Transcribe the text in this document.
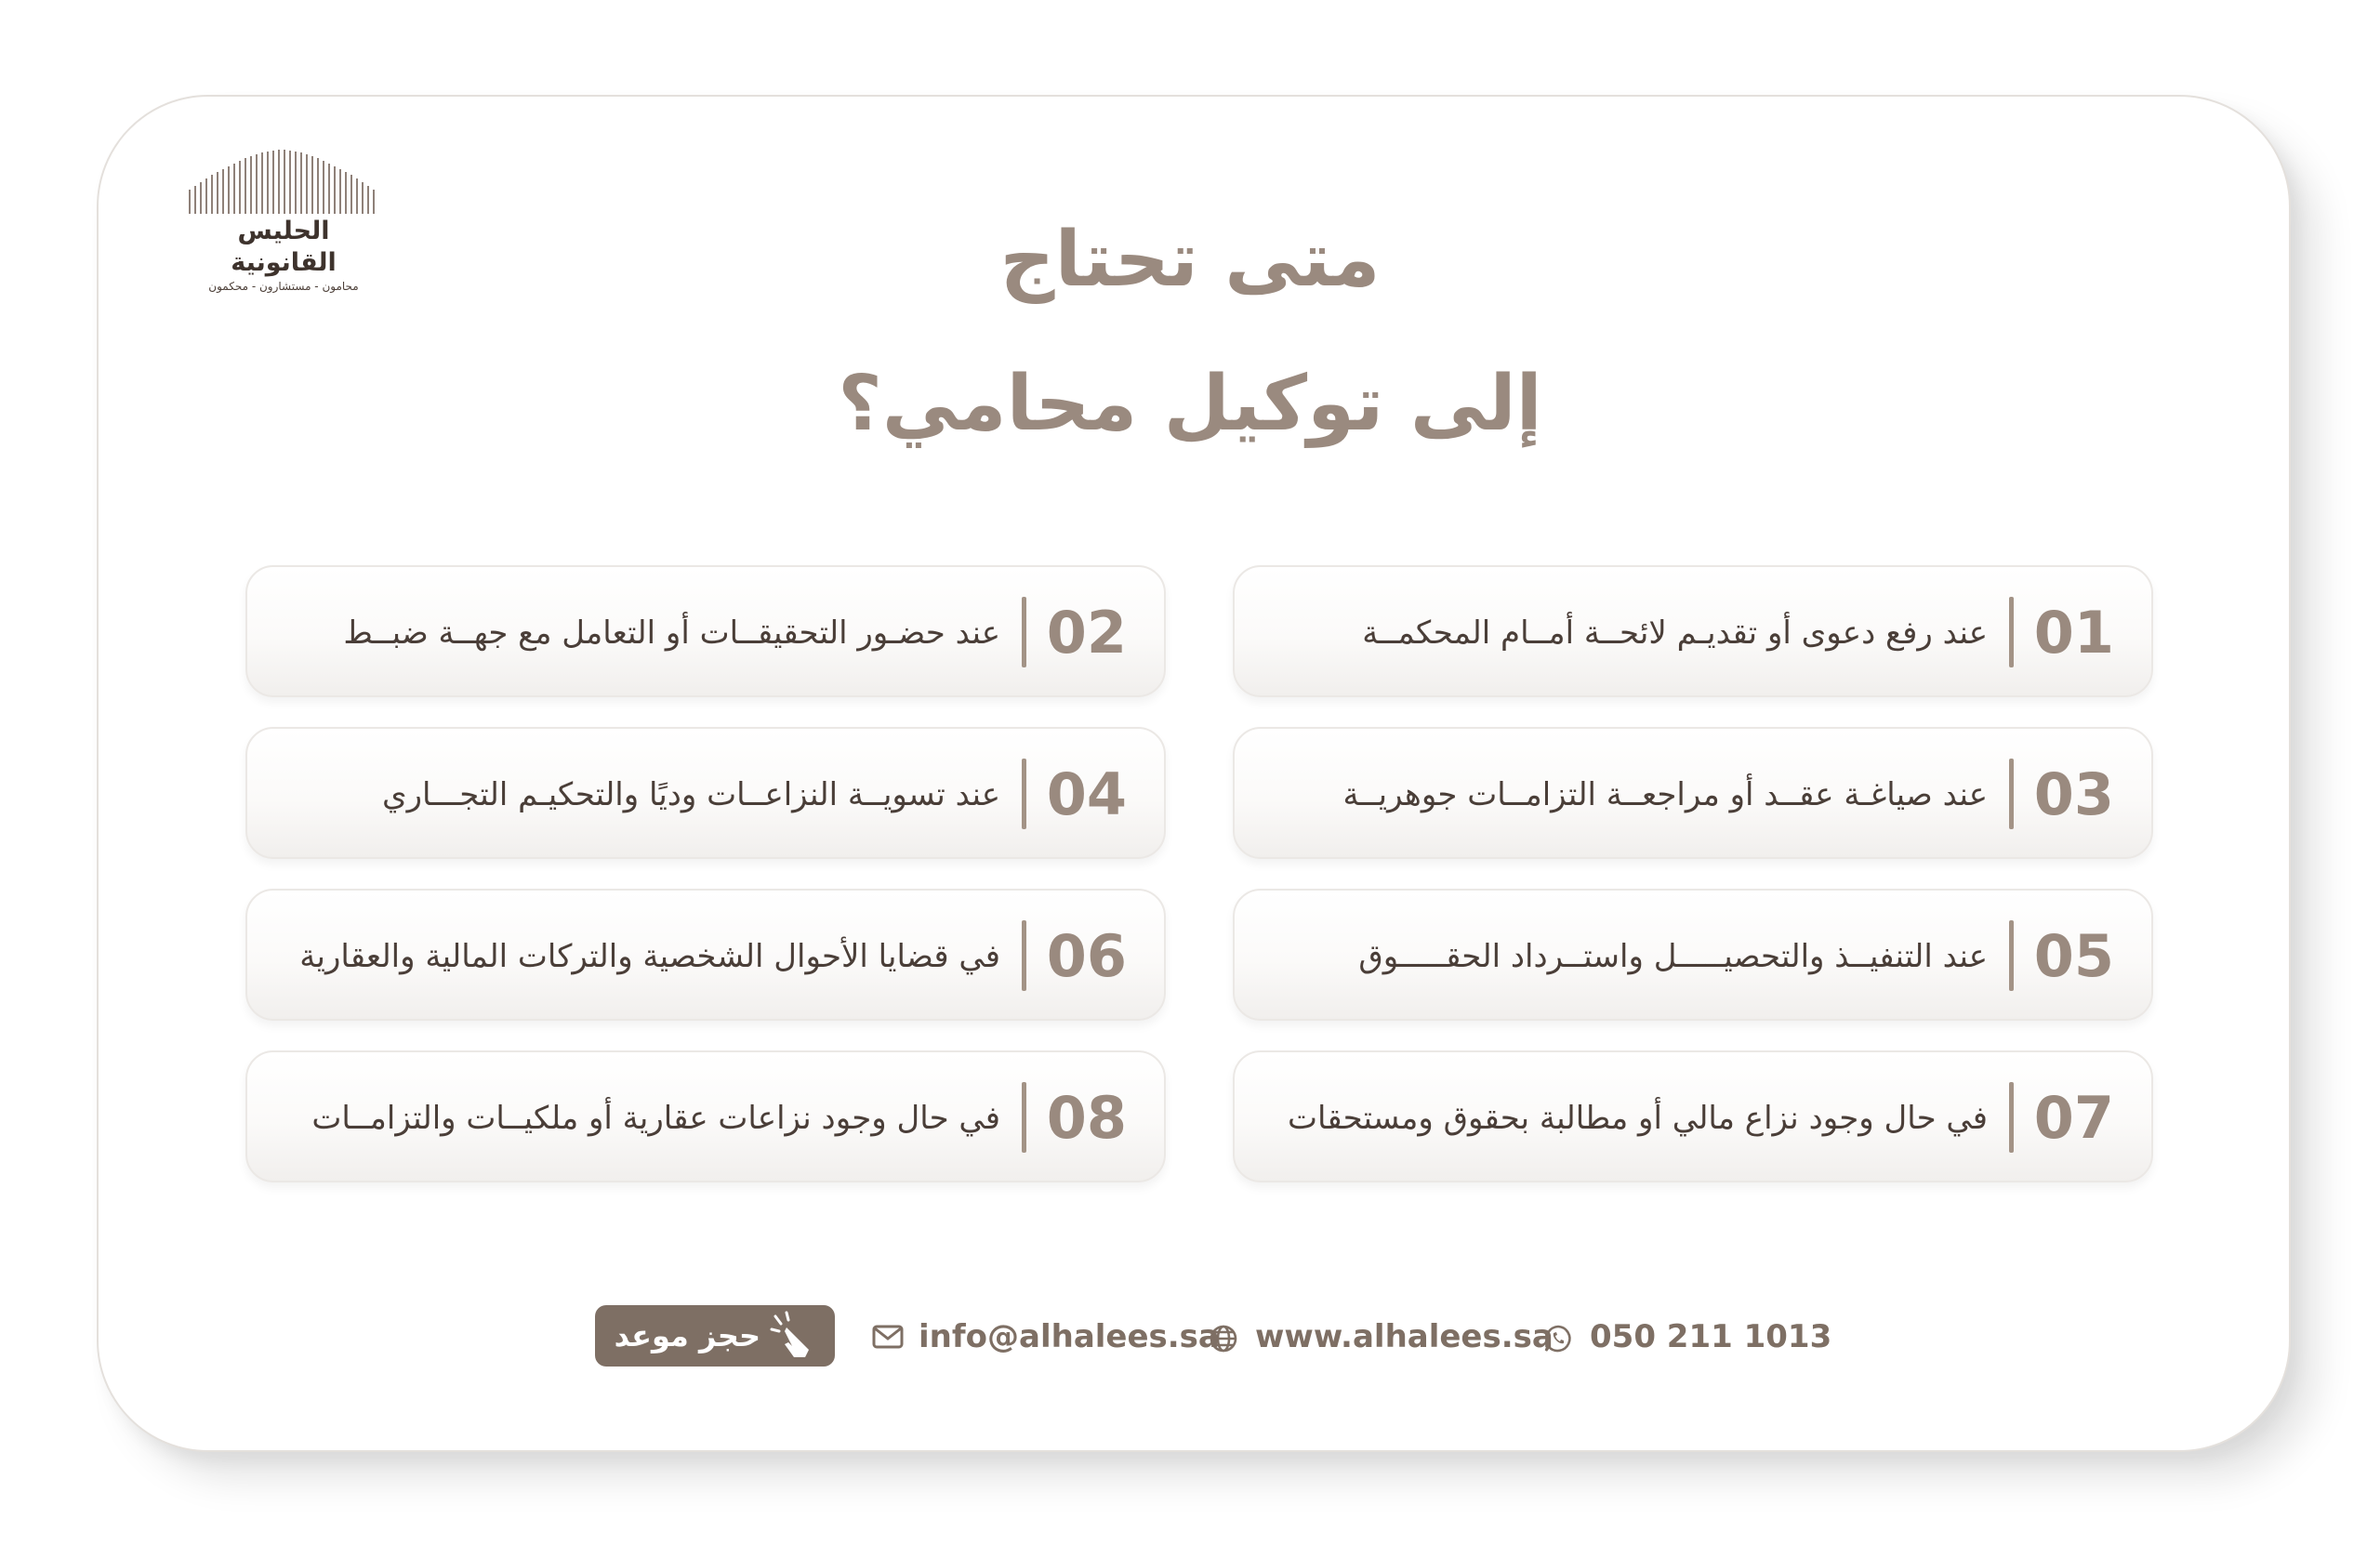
الحليس القانونية
محامون - مستشارون - محكمون	متى تحتاج
إلى توكيل محامي؟
01
عند رفع دعوى أو تقديـم لائحــة أمــام المحكمــة
02
عند حضـور التحقيقــات أو التعامل مع جهــة ضبــط
03
عند صياغـة عقــد أو مراجعــة التزامــات جوهريــة
04
عند تسويــة النزاعــات وديًا والتحكيـم التجـــاري
05
عند التنفيــذ والتحصيـــــل واستــرداد الحقـــــوق
06
في قضايا الأحوال الشخصية والتركات المالية والعقارية
07
في حال وجود نزاع مالي أو مطالبة بحقوق ومستحقات
08
في حال وجود نزاعات عقارية أو ملكيــات والتزامــات
حجز موعد	info@alhalees.sa www.alhalees.sa 050 211 1013
